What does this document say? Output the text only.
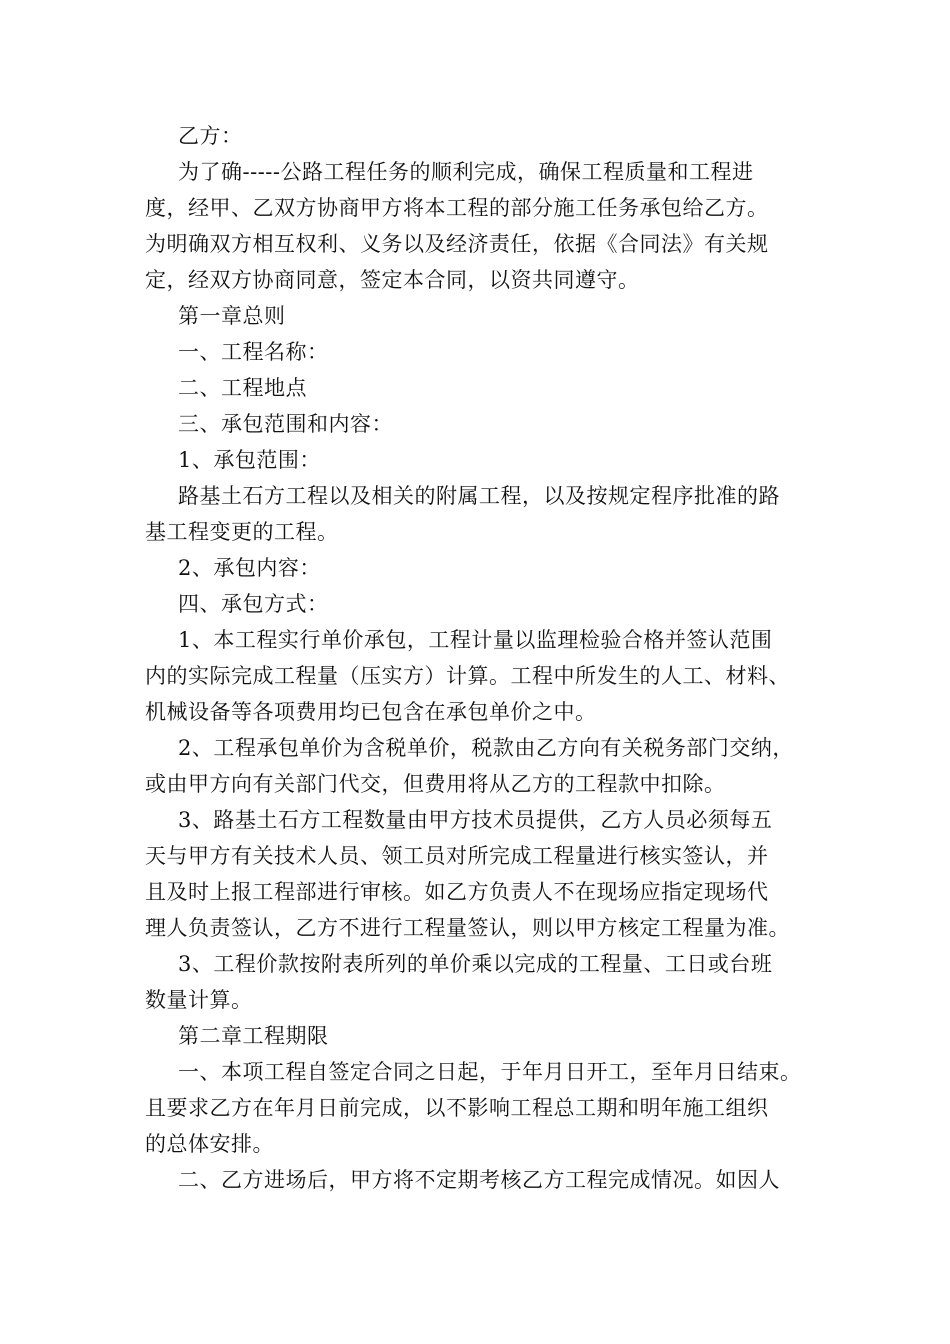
乙方：
为了确-----公路工程任务的顺利完成，确保工程质量和工程进
度，经甲、乙双方协商甲方将本工程的部分施工任务承包给乙方。
为明确双方相互权利、义务以及经济责任，依据《合同法》有关规
定，经双方协商同意，签定本合同，以资共同遵守。
第一章总则
一、工程名称：
二、工程地点
三、承包范围和内容：
1、承包范围：
路基土石方工程以及相关的附属工程，以及按规定程序批准的路
基工程变更的工程。
2、承包内容：
四、承包方式：
1、本工程实行单价承包，工程计量以监理检验合格并签认范围
内的实际完成工程量（压实方）计算。工程中所发生的人工、材料、
机械设备等各项费用均已包含在承包单价之中。
2、工程承包单价为含税单价，税款由乙方向有关税务部门交纳，
或由甲方向有关部门代交，但费用将从乙方的工程款中扣除。
3、路基土石方工程数量由甲方技术员提供，乙方人员必须每五
天与甲方有关技术人员、领工员对所完成工程量进行核实签认，并
且及时上报工程部进行审核。如乙方负责人不在现场应指定现场代
理人负责签认，乙方不进行工程量签认，则以甲方核定工程量为准。
3、工程价款按附表所列的单价乘以完成的工程量、工日或台班
数量计算。
第二章工程期限
一、本项工程自签定合同之日起，于年月日开工，至年月日结束。
且要求乙方在年月日前完成，以不影响工程总工期和明年施工组织
的总体安排。
二、乙方进场后，甲方将不定期考核乙方工程完成情况。如因人
